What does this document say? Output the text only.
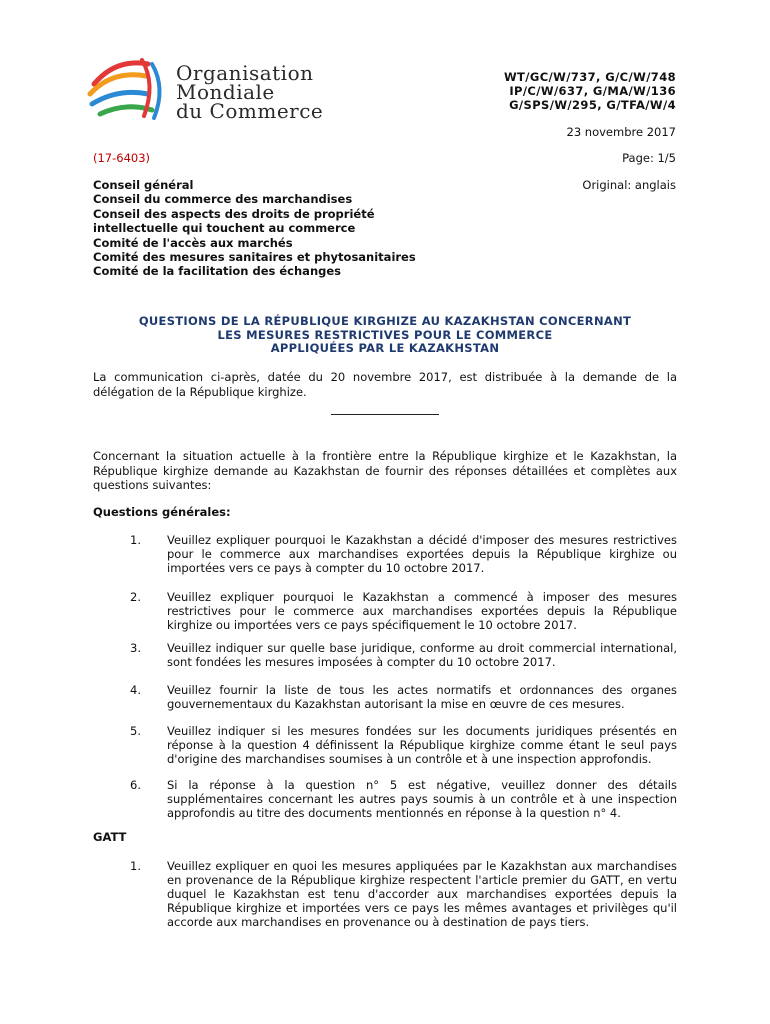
Organisation
Mondiale
du Commerce
WT/GC/W/737, G/C/W/748
IP/C/W/637, G/MA/W/136
G/SPS/W/295, G/TFA/W/4
23 novembre 2017
(17-6403)	Page: 1/5
Original: anglais
Conseil général
Conseil du commerce des marchandises
Conseil des aspects des droits de propriété
intellectuelle qui touchent au commerce
Comité de l'accès aux marchés
Comité des mesures sanitaires et phytosanitaires
Comité de la facilitation des échanges
QUESTIONS DE LA RÉPUBLIQUE KIRGHIZE AU KAZAKHSTAN CONCERNANT
LES MESURES RESTRICTIVES POUR LE COMMERCE
APPLIQUÉES PAR LE KAZAKHSTAN
La communication ci-après, datée du 20 novembre 2017, est distribuée à la demande de la délégation de la République kirghize.
Concernant la situation actuelle à la frontière entre la République kirghize et le Kazakhstan, la République kirghize demande au Kazakhstan de fournir des réponses détaillées et complètes aux questions suivantes:
Questions générales:
1. Veuillez expliquer pourquoi le Kazakhstan a décidé d'imposer des mesures restrictives pour le commerce aux marchandises exportées depuis la République kirghize ou importées vers ce pays à compter du 10 octobre 2017.
2. Veuillez expliquer pourquoi le Kazakhstan a commencé à imposer des mesures restrictives pour le commerce aux marchandises exportées depuis la République kirghize ou importées vers ce pays spécifiquement le 10 octobre 2017.
3. Veuillez indiquer sur quelle base juridique, conforme au droit commercial international, sont fondées les mesures imposées à compter du 10 octobre 2017.
4. Veuillez fournir la liste de tous les actes normatifs et ordonnances des organes gouvernementaux du Kazakhstan autorisant la mise en œuvre de ces mesures.
5. Veuillez indiquer si les mesures fondées sur les documents juridiques présentés en réponse à la question 4 définissent la République kirghize comme étant le seul pays d'origine des marchandises soumises à un contrôle et à une inspection approfondis.
6. Si la réponse à la question n° 5 est négative, veuillez donner des détails supplémentaires concernant les autres pays soumis à un contrôle et à une inspection approfondis au titre des documents mentionnés en réponse à la question n° 4.
GATT
1. Veuillez expliquer en quoi les mesures appliquées par le Kazakhstan aux marchandises en provenance de la République kirghize respectent l'article premier du GATT, en vertu duquel le Kazakhstan est tenu d'accorder aux marchandises exportées depuis la République kirghize et importées vers ce pays les mêmes avantages et privilèges qu'il accorde aux marchandises en provenance ou à destination de pays tiers.
